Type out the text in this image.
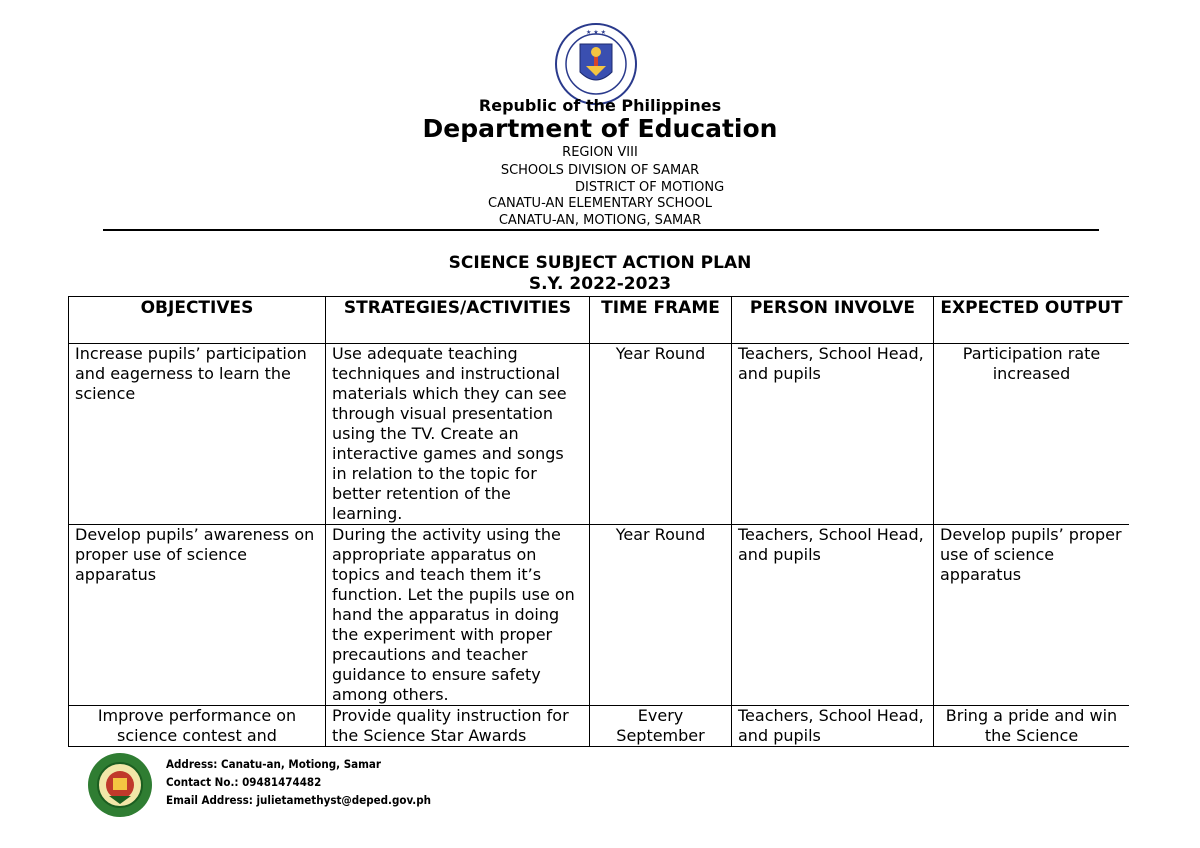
★ ★ ★
Republic of the Philippines
Department of Education
REGION VIII
SCHOOLS DIVISION OF SAMAR
DISTRICT OF MOTIONG
CANATU-AN ELEMENTARY SCHOOL
CANATU-AN, MOTIONG, SAMAR
SCIENCE SUBJECT ACTION PLAN
S.Y. 2022-2023
OBJECTIVES	STRATEGIES/ACTIVITIES	TIME FRAME	PERSON INVOLVE	EXPECTED OUTPUT
Increase pupils’ participation and eagerness to learn the science	Use adequate teaching techniques and instructional materials which they can see through visual presentation using the TV. Create an interactive games and songs in relation to the topic for better retention of the learning.	Year Round	Teachers, School Head, and pupils	Participation rate increased
Develop pupils’ awareness on proper use of science apparatus	During the activity using the appropriate apparatus on topics and teach them it’s function. Let the pupils use on hand the apparatus in doing the experiment with proper precautions and teacher guidance to ensure safety among others.	Year Round	Teachers, School Head, and pupils	Develop pupils’ proper use of science apparatus
Improve performance on science contest and	Provide quality instruction for the Science Star Awards	Every September	Teachers, School Head, and pupils	Bring a pride and win the Science
Address: Canatu-an, Motiong, Samar
Contact No.: 09481474482
Email Address: julietamethyst@deped.gov.ph
